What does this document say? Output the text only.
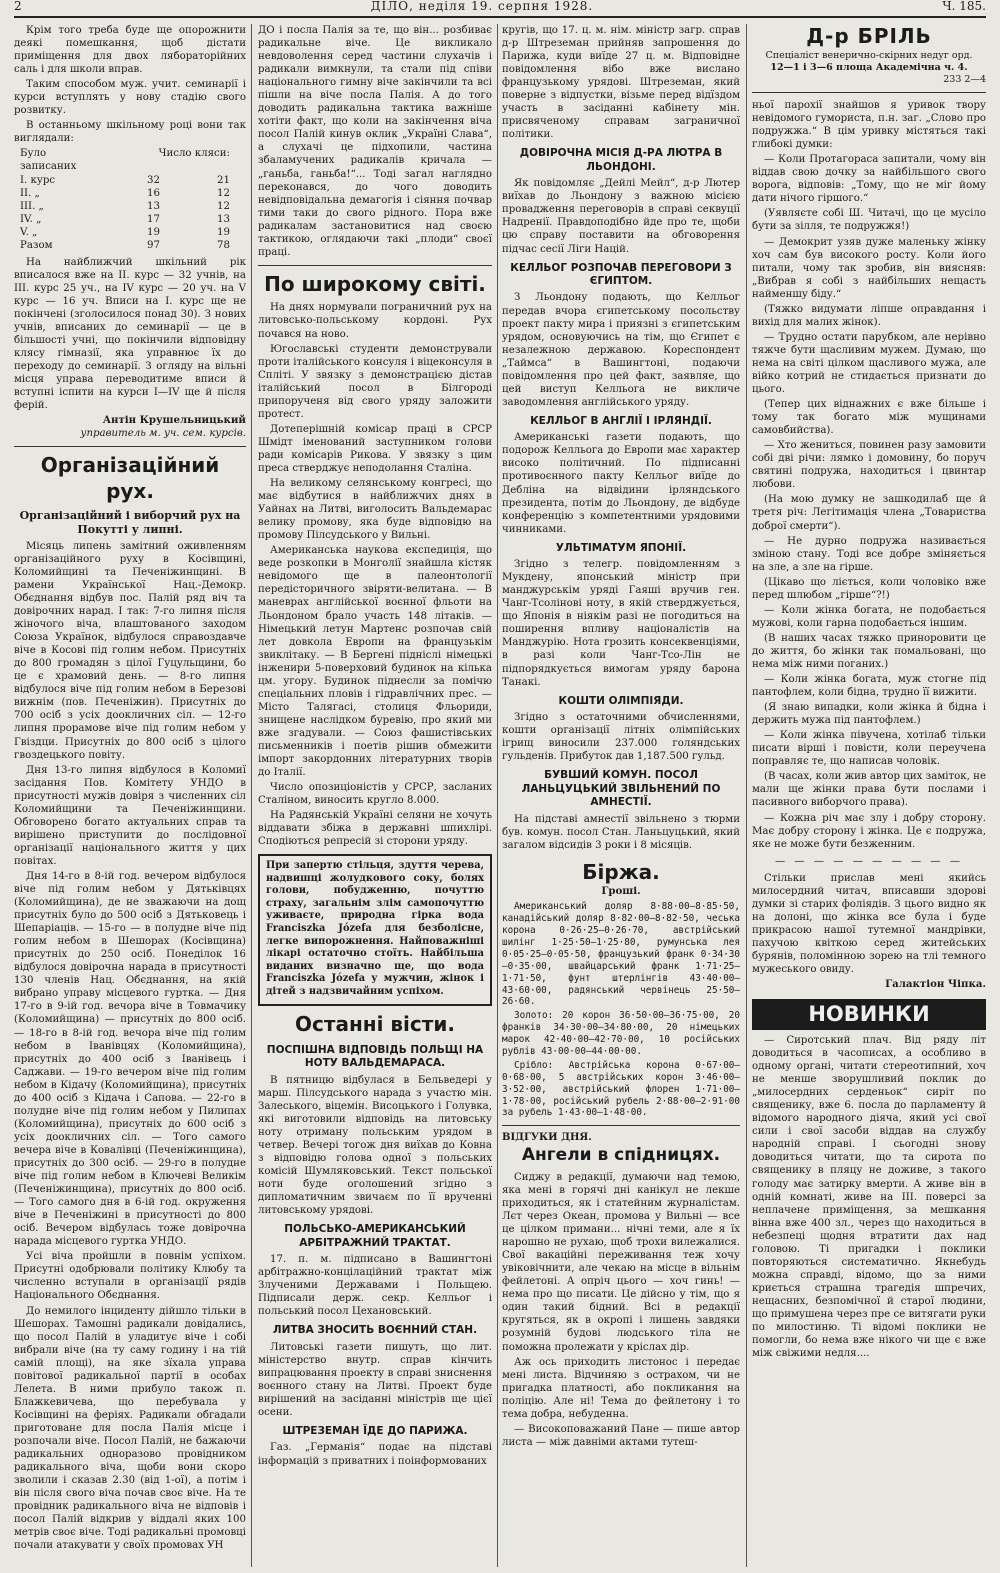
2	ДІЛО, неділя 19. серпня 1928.	Ч. 185.

Крім того треба буде ще опорожнити деякі помешкання, щоб дістати приміщення для двох лябораторійних саль і для школи вправ.

Таким способом муж. учит. семинарії і курси вступлять у нову стадію свого розвитку.

В останньому шкільному році вони так виглядали:

Було записаних
Число кляси:
І. курс	32	21
ІІ. „	16	12
ІІІ. „	13	12
IV. „	17	13
V. „	19	19
Разом	97	78

На найближчий шкільний рік вписалося вже на ІІ. курс — 32 учнів, на ІІІ. курс 25 уч., на IV курс — 20 уч. на V курс — 16 уч. Вписи на І. курс ще не покінчені (зголосилося понад 30). З нових учнів, вписаних до семинарії — це в більшості учні, що покінчили відповідну клясу гімназії, яка управнює їх до переходу до семинарії. З огляду на вільні місця управа переводитиме вписи й вступні іспити на курси I—IV ще й після ферій.

Антін Крушельницький
управитель м. уч. сем. курсів.
Організаційний рух.
Організаційний і виборчий рух на Покутті у липні.

Місяць липень замітний оживленням організаційного руху в Косівщині, Коломийщині та Печеніжинщині. В рамени Української Нац.-Демокр. Обєднання відбув пос. Палій ряд віч та довірочних нарад. І так: 7-го липня після жіночого віча, влаштованого заходом Союза Українок, відбулося справоздавче віче в Косові під голим небом. Присутніх до 800 громадян з цілої Гуцульщини, бо це є храмовий день. — 8-го липня відбулося віче під голим небом в Березові вижнім (пов. Печеніжин). Присутніх до 700 осіб з усіх доокличних сіл. — 12-го липня прорамове віче під голим небом у Гвіздци. Присутніх до 800 осіб з цілого гвоздецького повіту.

Дня 13-го липня відбулося в Коломиї засідання Пов. Комітету УНДО в присутності мужів довіря з численних сіл Коломийщини та Печеніжинщини. Обговорено богато актуальних справ та вирішено приступити до послідовної організації національного життя у цих повітах.

Дня 14-го в 8-ій год. вечером відбулося віче під голим небом у Дятьківцях (Коломийщина), де не зважаючи на дощ присутніх було до 500 осіб з Дятьковець і Шепаріаців. — 15-го — в полудне віче під голим небом в Шешорах (Косівщина) присутніх до 250 осіб. Понеділок 16 відбулося довірочна нарада в присутності 130 членів Нац. Обєднання, на якій вибрано управу місцевого гуртка. — Дня 17-го в 9-ій год. вечора віче в Товмачику (Коломийщина) — присутніх до 800 осіб. — 18-го в 8-ій год. вечора віче під голим небом в Іванівцях (Коломийщина), присутніх до 400 осіб з Іванівець і Саджави. — 19-го вечером віче під голим небом в Кідачу (Коломийщина), присутніх до 400 осіб з Кідача і Сапова. — 22-го в полудне віче під голим небом у Пилипах (Коломийщина), присутніх до 600 осіб з усіх доокличних сіл. — Того самого вечера віче в Ковалівці (Печеніжинщина), присутніх до 300 осіб. — 29-го в полудне віче під голим небом в Ключеві Великім (Печеніжинщина), присутніх до 800 осіб. — Того самого дня в 6-ій год. окруження віче в Печеніжині в присутності до 800 осіб. Вечером відбулась тоже довірочна нарада місцевого гуртка УНДО.

Усі віча пройшли в повнім успіхом. Присутні одобрювали політику Клюбу та численно вступали в організації рядів Національного Обєднання.

До немилого інциденту дійшло тільки в Шешорах. Тамошні радикали довідались, що посол Палій в уладитує віче і собі вибрали віче (на ту саму годину і на тій самій площі), на яке зїхала управа повітової радикальної партії в особах Лелета. В ними прибуло також п. Блажкевичева, що перебувала у Косівщині на феріях. Радикали обгадали приготоване для посла Палія місце і розпочали віче. Посол Палій, не бажаючи радикальних одноразово провідником радикального віча, щоби вони скоро зволили і сказав 2.30 (від 1-ої), а потім і він після свого віча почав своє віче. На те провідник радикального віча не відповів і посол Палій відкрив у віддалі яких 100 метрів своє віче. Тоді радикальні промовці почали атакувати у своїх промовах УН

ДО і посла Палія за те, що він... розбиває радикальне віче. Це викликало невдоволення серед частини слухачів і радикали вимкнули, та стали під співи національного гимну віче закінчили та всі пішли на віче посла Палія. А до того доводить радикальна тактика важніше хотіти факт, що коли на закінчення віча посол Палій кинув оклик „Україні Слава“, а слухачі це підхопили, частина збаламучених радикалів кричала — „ганьба, ганьба!“... Тоді загал наглядно переконався, до чого доводить невідповідальна демагогія і сіяння почвар тими таки до свого рідного. Пора вже радикалам застановитися над своєю тактикою, оглядаючи такі „плоди“ своєї праці.

По широкому світі.

На днях нормували пограничний рух на литовсько-польському кордоні. Рух почався на ново.

Югославські студенти демонстрували проти італійського консуля і віцеконсуля в Спліті. У звязку з демонстрацією дістав італійський посол в Білгороді припорученя від свого уряду заложити протест.

Дотеперішній комісар праці в СРСР Шмідт іменований заступником голови ради комісарів Рикова. У звязку з цим преса стверджує неподолання Сталіна.

На великому селянському конгресі, що має відбутися в найближчих днях в Уайнах на Литві, виголосить Вальдемарас велику промову, яка буде відповідю на промову Пілсудського у Вильні.

Американська наукова експедиція, що веде розкопки в Монголії знайшла кістяк невідомого ще в палеонтології передісторичного звіряти-велитана. — В маневрах англійської воєнної фльоти на Льондоном брало участь 148 літаків. — Німецький летун Мартенс розпочав свій лет довкола Европи на французькім звиклітаку. — В Бергені підніслі німецькі інженири 5-поверховий будинок на кілька цм. угору. Будинок піднесли за помічю спеціальних пловів і гідравлічних прес. — Місто Талягасі, столиця Фльориди, знищене наслідком буревію, про який ми вже згадували. — Союз фашистівських письменників і поетів рішив обмежити імпорт закордонних літературних творів до Італії.

Число опозиціоністів у СРСР, засланих Сталіном, виносить кругло 8.000.

На Радянській Україні селяни не хочуть віддавати збіжа в державні шпихлірі. Сподіються репресій зі сторони уряду.

При запертю стільця, здуття черева, надвишці жолудкового соку, болях голови, побудженню, почуттю страху, загальнім злім самопочуттю уживаєте, природна гірка вода Franciszka Józefa для безболісне, легке випорожнення. Найповажніші лікарі остаточно стоїть. Найбільша виданих визначно ще, що вода Franciszka Józefa у мужчин, жінок і дітей з надзвичайним успіхом.

Останні вісти.
ПОСПІШНА ВІДПОВІДЬ ПОЛЬЩІ НА НОТУ ВАЛЬДЕМАРАСА.

В пятницю відбулася в Бельведері у марш. Пілсудського нарада з участю мін. Залеського, віцемін. Висоцького і Голувка, які виготовили відповідь на литовську ноту отриману польським урядом в четвер. Вечері тогож дня виїхав до Ковна з відповідю голова одної з польських комісій Шумляковський. Текст польської ноти буде оголошений згідно з дипломатичним звичаєм по її врученні литовському урядові.

ПОЛЬСЬКО-АМЕРИКАНСЬКИЙ АРБІТРАЖНИЙ ТРАКТАТ.

17. п. м. підписано в Вашингтоні арбітражно-концілаційний трактат між Злученими Державами і Польщею. Підписали держ. секр. Келльог і польський посол Цехановський.

ЛИТВА ЗНОСИТЬ ВОЄННИЙ СТАН.

Литовські газети пишуть, що лит. міністерство внутр. справ кінчить випрацювання проекту в справі зниснення воєнного стану на Литві. Проект буде вирішений на засіданні міністрів ще цієї осени.

ШТРЕЗЕМАН ЇДЕ ДО ПАРИЖА.

Газ. „Германія“ подає на підставі інформацій з приватних і поінформованих

кругів, що 17. ц. м. нім. міністр загр. справ д-р Штреземан прийняв запрошення до Парижа, куди виїде 27 ц. м. Відповідне повідомлення вібо вже вислано французькому урядові. Штреземан, який поверне з відпустки, візьме перед відїздом участь в засіданні кабінету мін. присвяченому справам заграничної політики.

ДОВІРОЧНА МІСІЯ Д-РА ЛЮТРА В ЛЬОНДОНІ.

Як повідомляє „Дейлі Мейл“, д-р Лютер виїхав до Льондону з важною місією провадження переговорів в справі секвуції Надренії. Правдоподібно йде про те, щоби цю справу поставити на обговорення підчас сесії Ліги Націй.

КЕЛЛЬОГ РОЗПОЧАВ ПЕРЕГОВОРИ З ЄГИПТОМ.

З Льондону подають, що Келльог передав вчора єгипетському посольству проект пакту мира і приязні з єгипетським урядом, основуючись на тім, що Єгипет є незалежною державою. Кореспондент „Таймса“ в Вашингтоні, подаючи повідомлення про цей факт, заявляе, що цей виступ Келльога не викличе заводомлення англійського уряду.

КЕЛЛЬОГ В АНГЛІЇ І ІРЛЯНДІЇ.

Американські газети подають, що подорож Келльога до Европи має характер високо політичний. По підписанні противоєнного пакту Келльог виїде до Дебліна на відвідини ірляндського президента, потім до Льондону, де відбуде конференцію з компетентними урядовими чинниками.

УЛЬТІМАТУМ ЯПОНІЇ.

Згідно з телегр. повідомленням з Мукдену, японський міністр при манджурськім уряді Гаяші вручив ген. Чанг-Тсолінові ноту, в якій стверджується, що Японія в ніякім разі не погодиться на поширення впливу націоналістів на Манджурію. Нота грозить консеквенціями, в разі коли Чанг-Тсо-Лін не підпорядкується вимогам уряду барона Танакі.

КОШТИ ОЛІМПІЯДИ.

Згідно з остаточними обчисленнями, кошти організації літніх олімпійських ігрищ виносили 237.000 голяндських гульденів. Прибуток дав 1,187.500 гульд.

БУВШИЙ КОМУН. ПОСОЛ ЛАНЬЦУЦЬКИЙ ЗВІЛЬНЕНИЙ ПО АМНЕСТІЇ.

На підставі амнестії звільнено з тюрми був. комун. посол Стан. Ланьцуцький, який загалом відсидів 3 роки і 8 місяців.

Біржа.
Гроші.

Американський доляр 8·88·00—8·85·50, канадійський доляр 8·82·00—8·82·50, чеська корона 0·26·25—0·26·70, австрійський шилінг 1·25·50—1·25·80, румунська лея 0·05·25—0·05·50, французький франк 0·34·30—0·35·00, швайцарський франк 1·71·25—1·71·50, фунт штерлінгів 43·40·00—43·60·00, радянський червінець 25·50—26·60.

Золото: 20 корон 36·50·00—36·75·00, 20 франків 34·30·00—34·80·00, 20 німецьких марок 42·40·00—42·70·00, 10 російських рублів 43·00·00—44·00·00.

Срібло: Австрійська корона 0·67·00—0·68·00, 5 австрійських корон 3·46·00—3·52·00, австрійський флорен 1·71·00—1·78·00, російський рубель 2·88·00—2·91·00 за рубель 1·43·00—1·48·00.

ВІДГУКИ ДНЯ.
Ангели в спідницях.

Сиджу в редакції, думаючи над темою, яка мені в горячі дні канікул не лекше приходиться, як і статейним журналістам. Лєт через Океан, промова у Вильні — все це цілком примани... нічні теми, але я їх нарошно не рухаю, щоб трохи вилежалися. Свої вакаційні переживання теж хочу увіковічнити, але чекаю на місце в вільнім фейлетоні. А опріч цього — хоч гинь! — нема про що писати. Це дійсно у тім, що я один такий бідний. Всі в редакції кругяться, як в окропі і лишень завдяки розумній будові людського тіла не поможна пролежати у кріслах дір.

Аж ось приходить листонос і передає мені листа. Відчиняю з острахом, чи не пригадка платності, або покликання на поліцію. Але ні! Тема до фейлетону і то тема добра, небуденна.

— Високоповажаний Пане — пише автор листа — між давніми актами тутеш-

Д-р БРІЛЬ
Спеціаліст венерично-скірних недуг орд.
12—1 і 3—6 площа Академічна ч. 4.
233 2—4

ньої парохії знайшов я уривок твору невідомого гумориста, п.н. заг. „Слово про подружжа.“ В цім уривку містяться такі глибокі думки:

— Коли Протагораса запитали, чому він віддав свою дочку за найбільшого свого ворога, відповів: „Тому, що не міг йому дати нічого гіршого.“

(Уявляєте собі Ш. Читачі, що це мусіло бути за зілля, те подружжя!)

— Демокрит узяв дуже маленьку жінку хоч сам був високого росту. Коли його питали, чому так зробив, він виясняв: „Вибрав я собі з найбільших нещасть найменшу біду.“

(Тяжко видумати ліпше оправдання і вихід для малих жінок).

— Трудно остати парубком, але нерівно тяжче бути щасливим мужем. Думаю, що нема на світі цілком щасливого мужа, але війко котрий не стидається признати до цього.

(Тепер цих віднажних є вже більше і тому так богато між мущинами самовбийства).

— Хто жениться, повинен разу замовити собі дві річи: лямко і домовину, бо поруч святині подружа, находиться і цвинтар любови.

(На мою думку не зашкодилаб ще й третя річ: Легітимація члена „Товариства доброї смерти“).

— Не дурно подружа називається зміною стану. Тоді все добре зміняється на зле, а зле на гірше.

(Цікаво що ліється, коли чоловіко вже перед шлюбом „гірше“?!)

— Коли жінка богата, не подобається мужові, коли гарна подобається іншим.

(В наших часах тяжко приноровити це до життя, бо жінки так помальовані, що нема між ними поганих.)

— Коли жінка богата, муж стогне під пантофлем, коли бідна, трудно її вижити.

(Я знаю випадки, коли жінка й бідна і держить мужа під пантофлем.)

— Коли жінка півучена, хотілаб тільки писати вірші і повісти, коли переучена поправляє те, що написав чоловік.

(В часах, коли жив автор цих заміток, не мали ще жінки права бути послами і пасивного виборчого права).

— Кожна річ має злу і добру сторону. Має добру сторону і жінка. Це є подружа, яке не може бути безженним.

— — — — — — — — — —

Стільки прислав мені якийсь милосердний читач, вписавши здорові думки зі старих фоліядів. З цього видно як на долоні, що жінка все була і буде прикрасою нашої тутемної мандрівки, пахучою квіткою серед житейських бурянів, поломінною зорею на тлі темного мужеського овиду.

Галактіон Чіпка.
НОВИНКИ

— Сиротський плач. Від ряду літ доводиться в часописах, а особливо в одному органі, читати стереотипний, хоч не менше зворушливий поклик до „милосердних серденьок“ сиріт по священику, вже 6. посла до парламенту й відомого народного діяча, який усі свої сили і свої засоби віддав на службу народній справі. І сьогодні знову доводиться читати, що та сирота по священику в пляцу не доживе, з такого голоду має затирку вмерти. А живе він в одній комнаті, живе на ІІІ. поверсі за неплачене приміщення, за мешкання вінна вже 400 зл., через що находиться в небезпеці щодня втратити дах над головою. Ті пригадки і поклики повторяються систематично. Якнебудь можна справді, відомо, що за ними криється страшна трагедія шпречих, нещасних, безпомічної й старої людини, що примушена через пре се витягати руки по милостиню. Ті відомі поклики не помогли, бо нема вже нікого чи ще є вже між свіжими недля....
